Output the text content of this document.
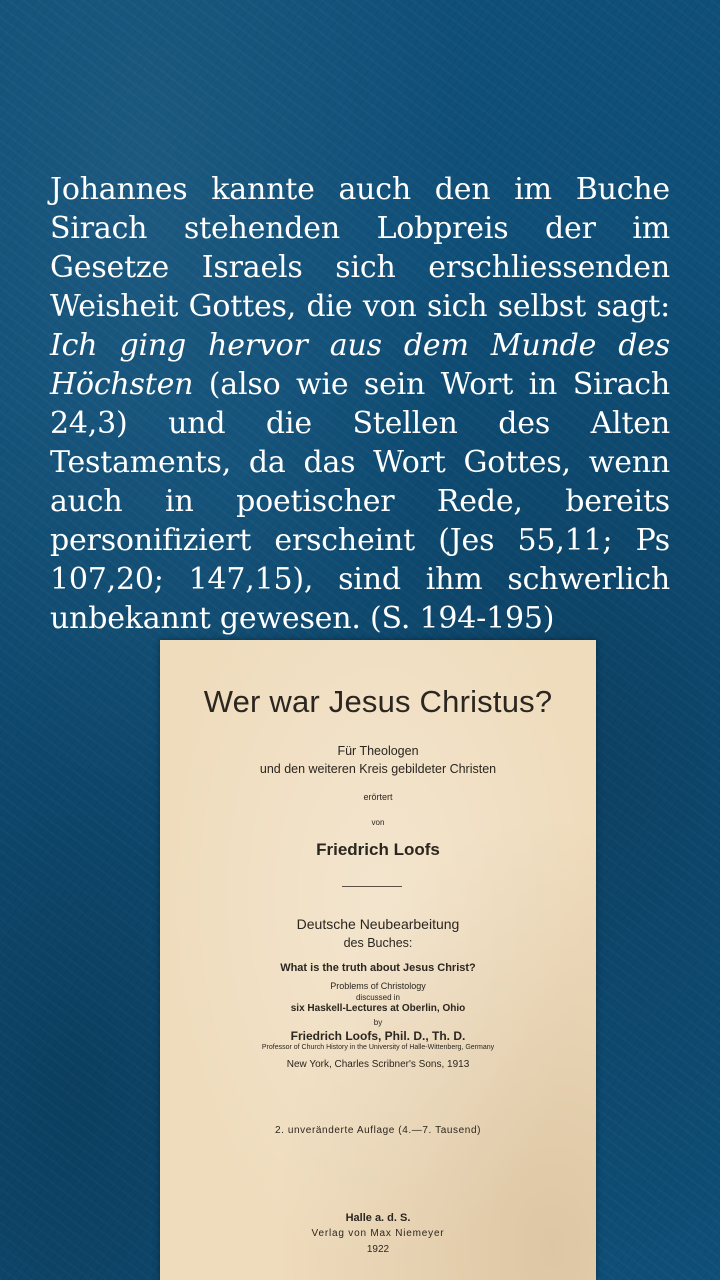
Johannes kannte auch den im Buche Sirach stehenden Lobpreis der im Gesetze Israels sich erschliessenden Weisheit Gottes, die von sich selbst sagt: Ich ging hervor aus dem Munde des Höchsten (also wie sein Wort in Sirach 24,3) und die Stellen des Alten Testaments, da das Wort Gottes, wenn auch in poetischer Rede, bereits personifiziert erscheint (Jes 55,11; Ps 107,20; 147,15), sind ihm schwerlich unbekannt gewesen. (S. 194-195)

Wer war Jesus Christus?
Für Theologen
und den weiteren Kreis gebildeter Christen
erörtert
von
Friedrich Loofs
Deutsche Neubearbeitung
des Buches:
What is the truth about Jesus Christ?
Problems of Christology
discussed in
six Haskell-Lectures at Oberlin, Ohio
by
Friedrich Loofs, Phil. D., Th. D.
Professor of Church History in the University of Halle-Wittenberg, Germany
New York, Charles Scribner's Sons, 1913
2. unveränderte Auflage (4.—7. Tausend)
Halle a. d. S.
Verlag von Max Niemeyer
1922
